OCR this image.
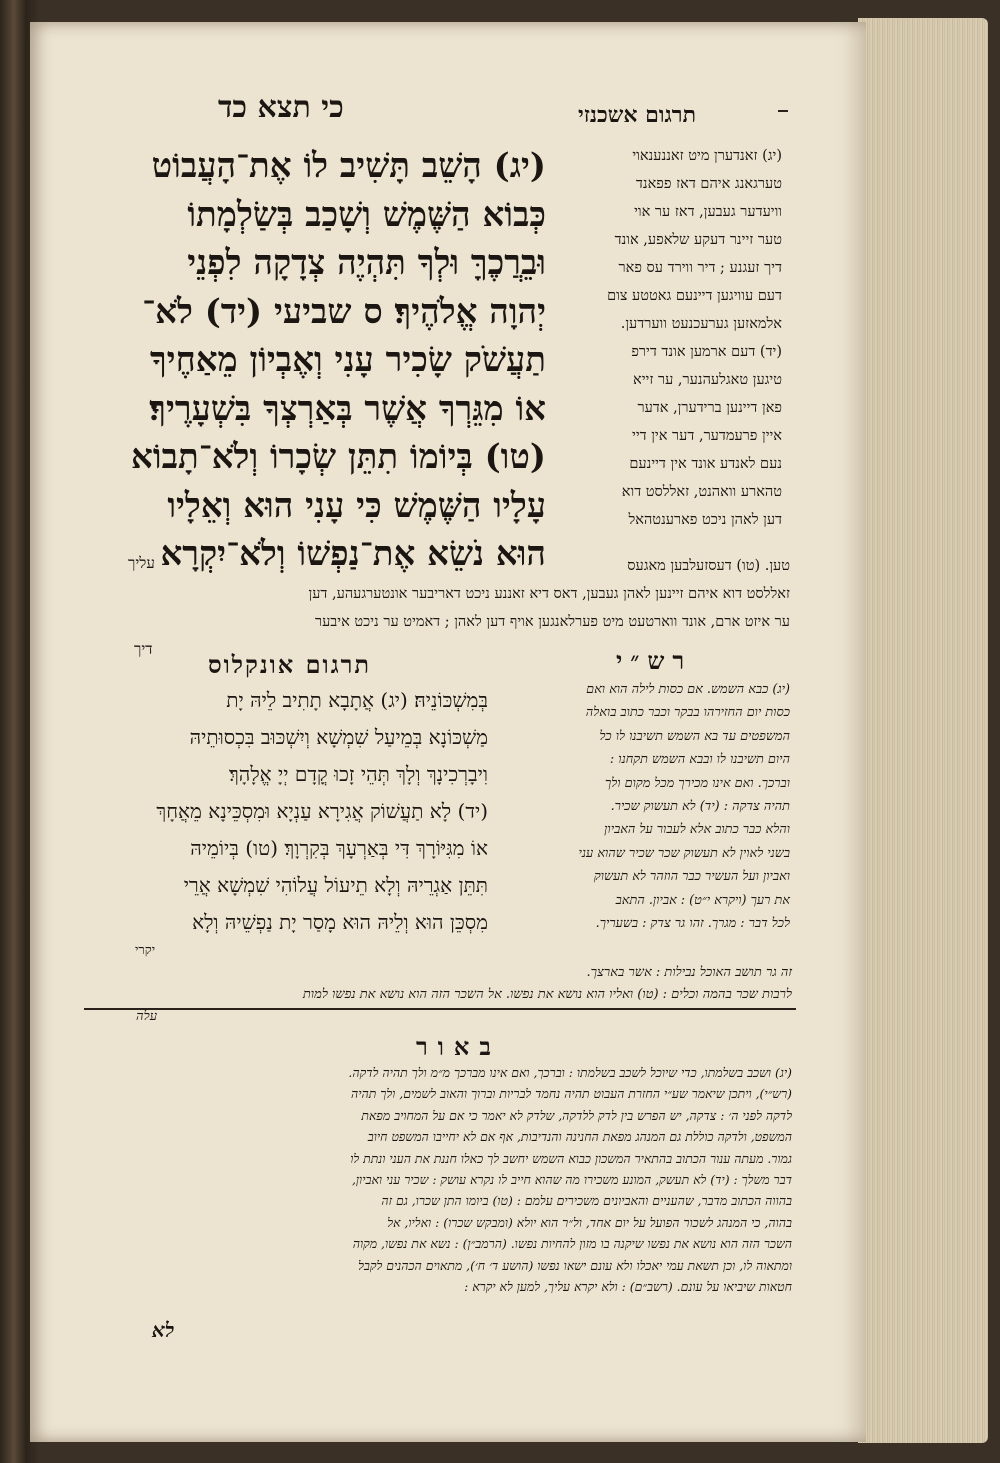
כי תצא כד	תרגום אשכנזי

(יג) הָשֵׁב תָּשִׁיב לוֹ אֶת־הָעֲבוֹט

כְּבוֹא הַשֶּׁמֶשׁ וְשָׁכַב בְּשַׂלְמָתוֹ

וּבֵרֲכֶךָּ וּלְךָ תִּהְיֶה צְדָקָה לִפְנֵי

יְהוָה אֱלֹהֶיךָ׃ ס שביעי (יד) לֹא־

תַעֲשֹׁק שָׂכִיר עָנִי וְאֶבְיוֹן מֵאַחֶיךָ

אוֹ מִגֵּרְךָ אֲשֶׁר בְּאַרְצְךָ בִּשְׁעָרֶיךָ׃

(טו) בְּיוֹמוֹ תִתֵּן שְׂכָרוֹ וְלֹא־תָבוֹא

עָלָיו הַשֶּׁמֶשׁ כִּי עָנִי הוּא וְאֵלָיו

הוּא נֹשֵׂא אֶת־נַפְשׁוֹ וְלֹא־יִקְרָא

(יג) זאנדערן מיט זאננענאוי

טערגאנג איהם דאז פפאנד

וויעדער געבען, דאז ער אוי

טער זיינר דעקע שלאפע, אונד

דיך זעגנע ; דיר ווירד עס פאר

דעם עוויגען דיינעם גאטטע צום

אלמאזען גערעכנעט ווערדען.

(יד) דעם ארמען אונד דירפ

טיגען טאגלעהנער, ער זייא

פאן דיינען ברידערן, אדער

איין פרעמדער, דער אין דיי

נעם לאנדע אונד אין דיינעם

טהארע וואהנט, זאללסט דוא

דען לאהן ניכט פארענטהאל

טען. (טו) דעסזעלבען מאגעס

זאללסט דוא איהם זיינען לאהן געבען, דאס דיא זאננע ניכט דאריבער אונטערגעהע, דען

ער איזט ארם, אונד ווארטעט מיט פערלאנגען אויף דען לאהן ; דאמיט ער ניכט איבער

עליך
דיך
תרגום אונקלוס	רש״י

בְּמִשְׁכּוֹנֵיהּ׃ (יג) אֲתָבָא תָתִיב לֵיהּ יָת

מַשְׁכּוֹנָא בְּמֵיעַל שִׁמְשָׁא וְיִשְׁכּוּב בִּכְסוּתֵיהּ

וִיבָרְכִינָךְ וְלָךְ תְּהֵי זָכוּ קֳדָם יְיָ אֱלָהָךְ׃

(יד) לָא תַעֲשׁוֹק אֲגִירָא עַנְיָא וּמִסְכֵּינָא מֵאֲחָךְ

אוֹ מִגִּיּוֹרָךְ דִּי בְּאַרְעָךְ בְּקִרְוָךְ׃ (טו) בְּיוֹמֵיהּ

תִּתֵּן אַגְרֵיהּ וְלָא תֵיעוֹל עֲלוֹהִי שִׁמְשָׁא אֲרֵי

מִסְכֵּן הוּא וְלֵיהּ הוּא מָסַר יָת נַפְשֵׁיהּ וְלָא

יקרי

(יג) כבא השמש. אם כסות לילה הוא ואם

כסות יום החזירהו בבקר וכבר כתוב בואלה

המשפטים עד בא השמש תשיבנו לו כל

היום תשיבנו לו ובבא השמש תקחנו :

וברכך. ואם אינו מכירך מכל מקום ולך

תהיה צדקה : (יד) לא תעשוק שכיר.

והלא כבר כתוב אלא לעבור על האביון

בשני לאוין לא תעשוק שכר שכיר שהוא עני

ואביון ועל העשיר כבר הוזהר לא תעשוק

את רעך (ויקרא י״ט) : אביון. התאב

לכל דבר : מגרך. זהו גר צדק : בשעריך.

זה גר תושב האוכל נבילות : אשר בארצך.

לרבות שכר בהמה וכלים : (טו) ואליו הוא נושא את נפשו. אל השכר הזה הוא נושא את נפשו למות

עלה

באור

(יג) ושכב בשלמתו, כדי שיוכל לשכב בשלמתו : וברכך, ואם אינו מברכך מ״מ ולך תהיה לדקה.

(רש״י), ויתכן שיאמר שע״י החזרת העבוט תהיה נחמד לבריות וברוך והאוב לשמים, ולך תהיה

לדקה לפני ה׳ : צדקה, יש הפרש בין לדק ללדקה, שלדק לא יאמר כי אם על המחויב מפאת

המשפט, ולדקה כוללת גם המנהג מפאת החנינה והנדיבות, אף אם לא יחייבו המשפט חיוב

גמור. מעתה ענור הכתוב בהתאיר המשכון כבוא השמש יחשב לך כאלו חננת את העני ונתת לו

דבר משלך : (יד) לא תעשק, המונע משכירו מה שהוא חייב לו נקרא עושק : שכיר עני ואביון,

בהווה הכתוב מדבר, שהעניים והאביונים משכירים עלמם : (טו) ביומו התן שכרו, גם זה

בהוה, כי המנהג לשכור הפועל על יום אחד, ול״ר הוא יולא (ומבקש שכרו) : ואליו, אל

השכר הזה הוא נושא את נפשו שיקנה בו מזון להחיות נפשו. (הרמב״ן) : נשא את נפשו, מקוה

ומתאוה לו, וכן תשאת עמי יאכלו ולא עונם ישאו נפשו (הושע ד׳ ח׳), מתאוים הכהנים לקבל

חטאות שיביאו על עונם. (רשב״ם) : ולא יקרא עליך, למען לא יקרא :

לא
